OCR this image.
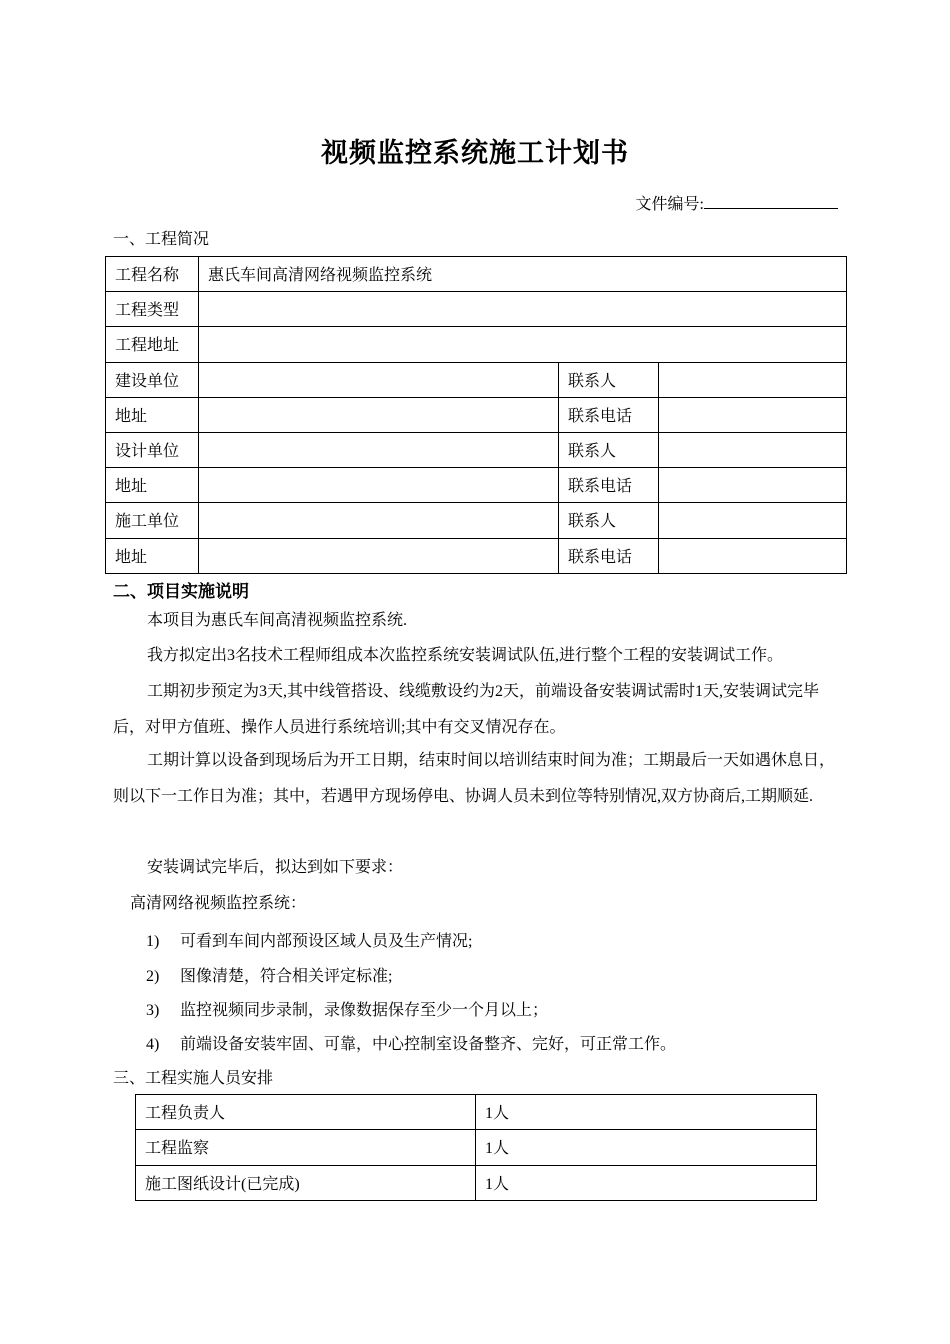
视频监控系统施工计划书
文件编号:
一、工程简况
工程名称	惠氏车间高清网络视频监控系统		
工程类型			
工程地址			
建设单位		联系人	
地址		联系电话	
设计单位		联系人	
地址		联系电话	
施工单位		联系人	
地址		联系电话	
二、项目实施说明
本项目为惠氏车间高清视频监控系统.
我方拟定出3名技术工程师组成本次监控系统安装调试队伍,进行整个工程的安装调试工作。
工期初步预定为3天,其中线管搭设、线缆敷设约为2天，前端设备安装调试需时1天,安装调试完毕后，对甲方值班、操作人员进行系统培训;其中有交叉情况存在。
工期计算以设备到现场后为开工日期，结束时间以培训结束时间为准；工期最后一天如遇休息日，则以下一工作日为准；其中，若遇甲方现场停电、协调人员未到位等特别情况,双方协商后,工期顺延.
安装调试完毕后，拟达到如下要求：
高清网络视频监控系统：
1) 可看到车间内部预设区域人员及生产情况;
2) 图像清楚，符合相关评定标准;
3) 监控视频同步录制，录像数据保存至少一个月以上；
4) 前端设备安装牢固、可靠，中心控制室设备整齐、完好，可正常工作。
三、工程实施人员安排
工程负责人	1人
工程监察	1人
施工图纸设计(已完成)	1人
